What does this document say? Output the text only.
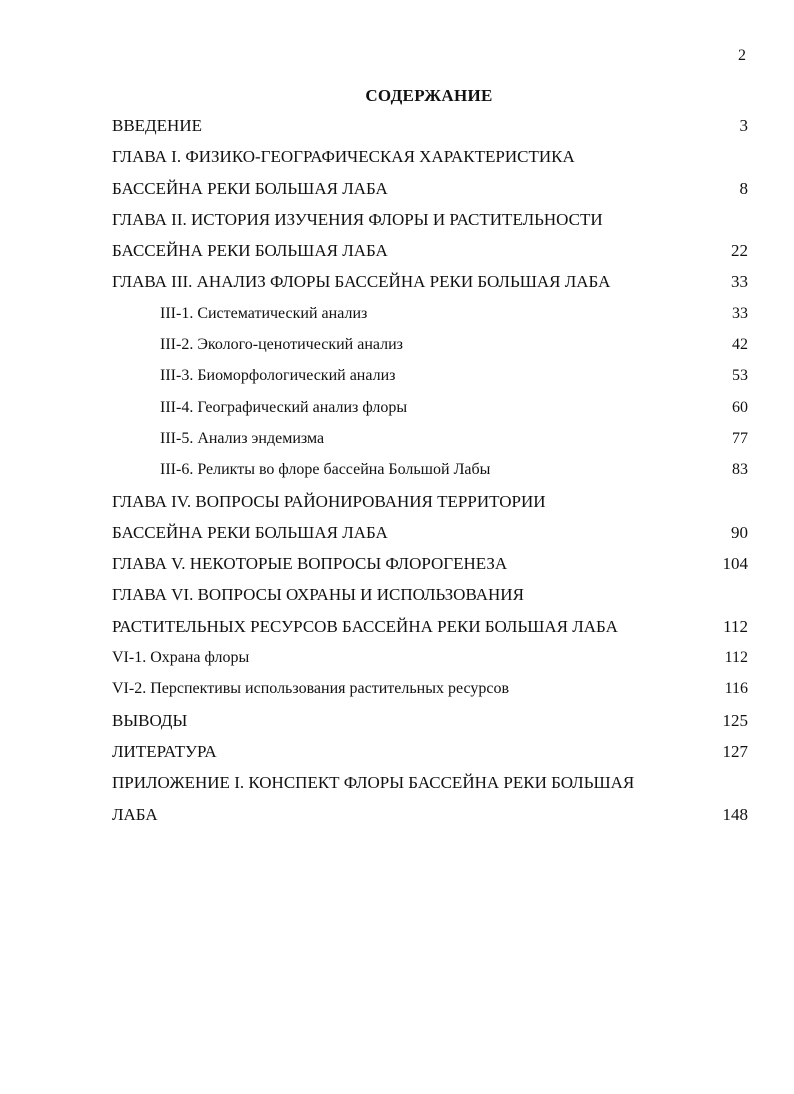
2
СОДЕРЖАНИЕ
ВВЕДЕНИЕ	3
ГЛАВА I. ФИЗИКО-ГЕОГРАФИЧЕСКАЯ ХАРАКТЕРИСТИКА
БАССЕЙНА РЕКИ БОЛЬШАЯ ЛАБА	8
ГЛАВА II. ИСТОРИЯ ИЗУЧЕНИЯ ФЛОРЫ И РАСТИТЕЛЬНОСТИ
БАССЕЙНА РЕКИ БОЛЬШАЯ ЛАБА	22
ГЛАВА III. АНАЛИЗ ФЛОРЫ БАССЕЙНА РЕКИ БОЛЬШАЯ ЛАБА	33
III-1. Систематический анализ	33
III-2. Эколого-ценотический анализ	42
III-3. Биоморфологический анализ	53
III-4. Географический анализ флоры	60
III-5. Анализ эндемизма	77
III-6. Реликты во флоре бассейна Большой Лабы	83
ГЛАВА IV. ВОПРОСЫ РАЙОНИРОВАНИЯ ТЕРРИТОРИИ
БАССЕЙНА РЕКИ БОЛЬШАЯ ЛАБА	90
ГЛАВА V. НЕКОТОРЫЕ ВОПРОСЫ ФЛОРОГЕНЕЗА	104
ГЛАВА VI. ВОПРОСЫ ОХРАНЫ И ИСПОЛЬЗОВАНИЯ
РАСТИТЕЛЬНЫХ РЕСУРСОВ БАССЕЙНА РЕКИ БОЛЬШАЯ ЛАБА	112
VI-1. Охрана флоры	112
VI-2. Перспективы использования растительных ресурсов	116
ВЫВОДЫ	125
ЛИТЕРАТУРА	127
ПРИЛОЖЕНИЕ I. КОНСПЕКТ ФЛОРЫ БАССЕЙНА РЕКИ БОЛЬШАЯ
ЛАБА	148
